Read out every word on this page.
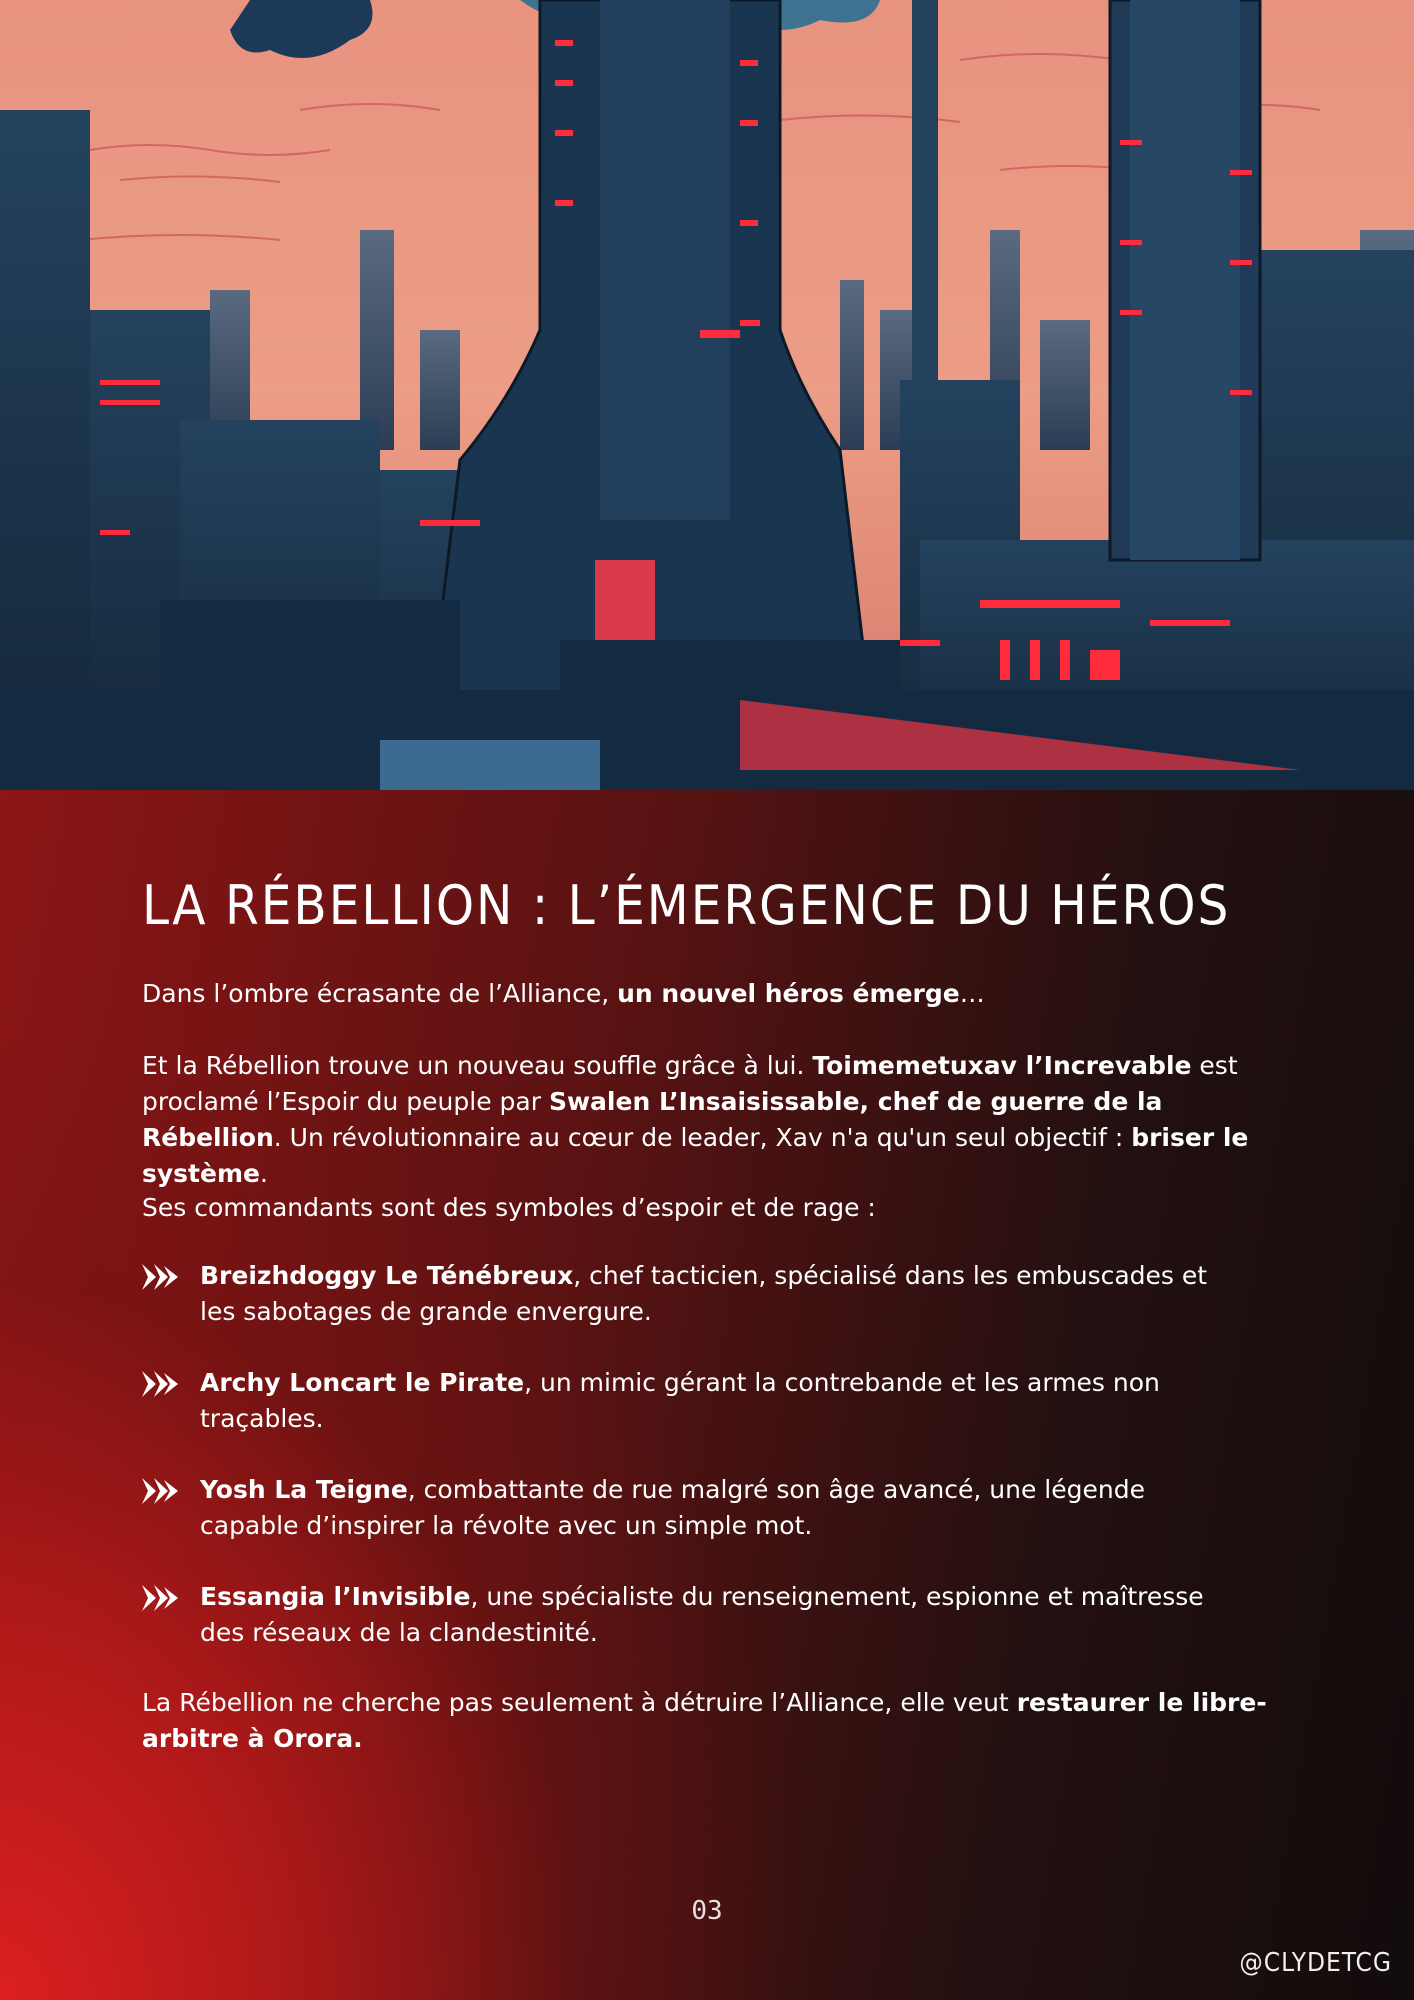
LA RÉBELLION : L’ÉMERGENCE DU HÉROS

Dans l’ombre écrasante de l’Alliance, un nouvel héros émerge…

Et la Rébellion trouve un nouveau souffle grâce à lui. Toimemetuxav l’Increvable est proclamé l’Espoir du peuple par Swalen L’Insaisissable, chef de guerre de la Rébellion. Un révolutionnaire au cœur de leader, Xav n'a qu'un seul objectif : briser le système.

Ses commandants sont des symboles d’espoir et de rage :

Breizhdoggy Le Ténébreux, chef tacticien, spécialisé dans les embuscades et les sabotages de grande envergure.

Archy Loncart le Pirate, un mimic gérant la contrebande et les armes non traçables.

Yosh La Teigne, combattante de rue malgré son âge avancé, une légende capable d’inspirer la révolte avec un simple mot.

Essangia l’Invisible, une spécialiste du renseignement, espionne et maîtresse des réseaux de la clandestinité.

La Rébellion ne cherche pas seulement à détruire l’Alliance, elle veut restaurer le libre-arbitre à Orora.

03
@CLYDETCG
